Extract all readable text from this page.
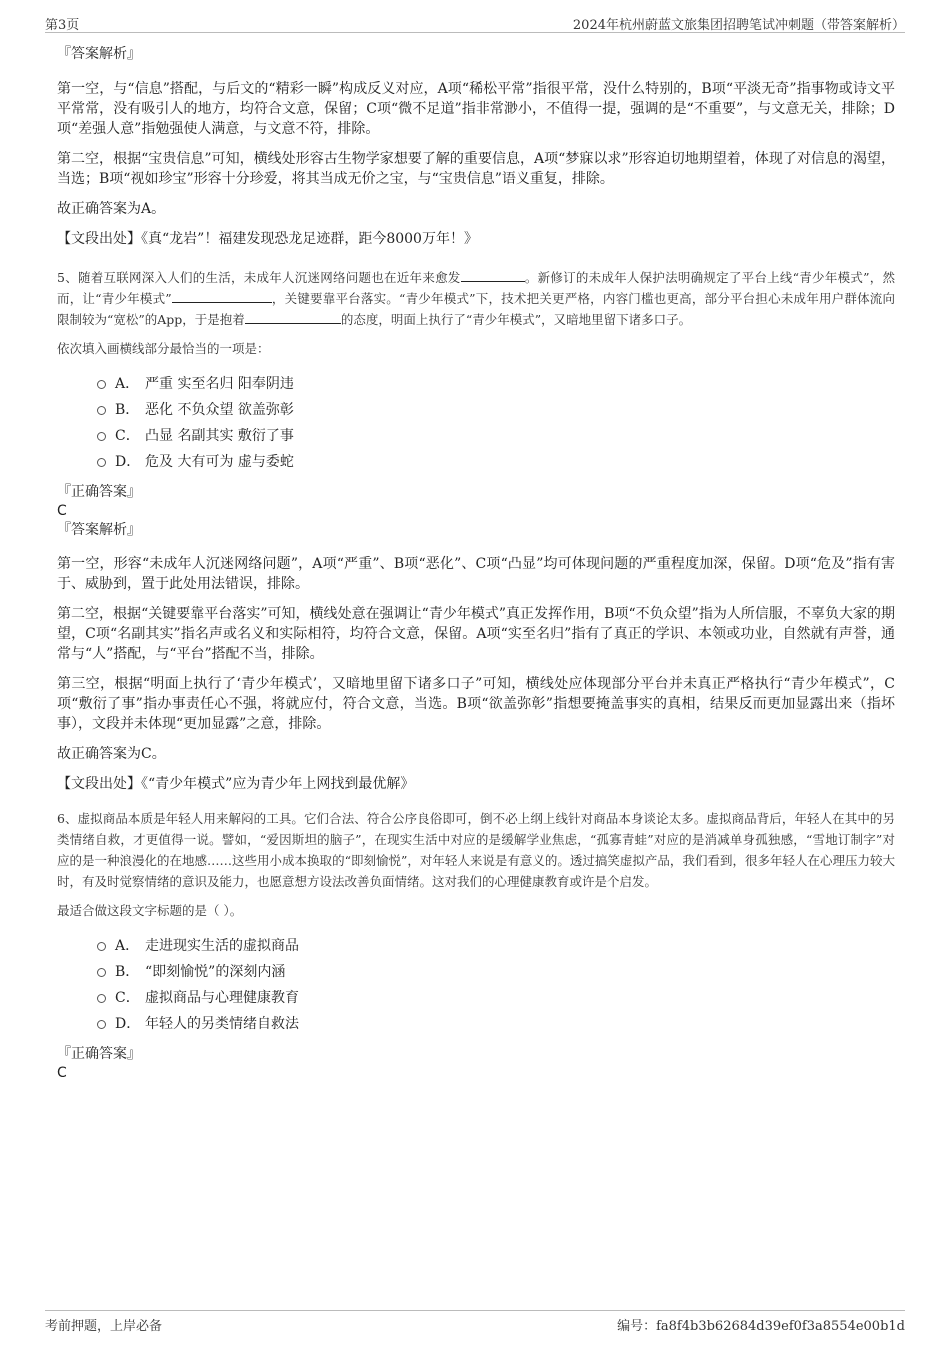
第3页	2024年杭州蔚蓝文旅集团招聘笔试冲刺题（带答案解析）
『答案解析』

第一空，与“信息”搭配，与后文的“精彩一瞬”构成反义对应，A项“稀松平常”指很平常，没什么特别的，B项“平淡无奇”指事物或诗文平平常常，没有吸引人的地方，均符合文意，保留；C项“微不足道”指非常渺小，不值得一提，强调的是“不重要”，与文意无关，排除；D项“差强人意”指勉强使人满意，与文意不符，排除。

第二空，根据“宝贵信息”可知，横线处形容古生物学家想要了解的重要信息，A项“梦寐以求”形容迫切地期望着，体现了对信息的渴望，当选；B项“视如珍宝”形容十分珍爱，将其当成无价之宝，与“宝贵信息”语义重复，排除。

故正确答案为A。

【文段出处】《真“龙岩”！福建发现恐龙足迹群，距今8000万年！》

5、随着互联网深入人们的生活，未成年人沉迷网络问题也在近年来愈发	。新修订的未成年人保护法明确规定了平台上线“青少年模式”，然而，让“青少年模式”	，关键要靠平台落实。“青少年模式”下，技术把关更严格，内容门槛也更高，部分平台担心未成年用户群体流向限制较为“宽松”的App，于是抱着	的态度，明面上执行了“青少年模式”，又暗地里留下诸多口子。
依次填入画横线部分最恰当的一项是：
A． 严重 实至名归 阳奉阴违
B． 恶化 不负众望 欲盖弥彰
C． 凸显 名副其实 敷衍了事
D． 危及 大有可为 虚与委蛇
『正确答案』
C
『答案解析』

第一空，形容“未成年人沉迷网络问题”，A项“严重”、B项“恶化”、C项“凸显”均可体现问题的严重程度加深，保留。D项“危及”指有害于、威胁到，置于此处用法错误，排除。

第二空，根据“关键要靠平台落实”可知，横线处意在强调让“青少年模式”真正发挥作用，B项“不负众望”指为人所信服，不辜负大家的期望，C项“名副其实”指名声或名义和实际相符，均符合文意，保留。A项“实至名归”指有了真正的学识、本领或功业，自然就有声誉，通常与“人”搭配，与“平台”搭配不当，排除。

第三空，根据“明面上执行了‘青少年模式’，又暗地里留下诸多口子”可知，横线处应体现部分平台并未真正严格执行“青少年模式”，C项“敷衍了事”指办事责任心不强，将就应付，符合文意，当选。B项“欲盖弥彰”指想要掩盖事实的真相，结果反而更加显露出来（指坏事），文段并未体现“更加显露”之意，排除。

故正确答案为C。

【文段出处】《“青少年模式”应为青少年上网找到最优解》

6、虚拟商品本质是年轻人用来解闷的工具。它们合法、符合公序良俗即可，倒不必上纲上线针对商品本身谈论太多。虚拟商品背后，年轻人在其中的另类情绪自救，才更值得一说。譬如，“爱因斯坦的脑子”，在现实生活中对应的是缓解学业焦虑，“孤寡青蛙”对应的是消减单身孤独感，“雪地订制字”对应的是一种浪漫化的在地感……这些用小成本换取的“即刻愉悦”，对年轻人来说是有意义的。透过搞笑虚拟产品，我们看到，很多年轻人在心理压力较大时，有及时觉察情绪的意识及能力，也愿意想方设法改善负面情绪。这对我们的心理健康教育或许是个启发。
最适合做这段文字标题的是（ ）。
A． 走进现实生活的虚拟商品
B． “即刻愉悦”的深刻内涵
C． 虚拟商品与心理健康教育
D． 年轻人的另类情绪自救法
『正确答案』
C
考前押题，上岸必备	编号：fa8f4b3b62684d39ef0f3a8554e00b1d
